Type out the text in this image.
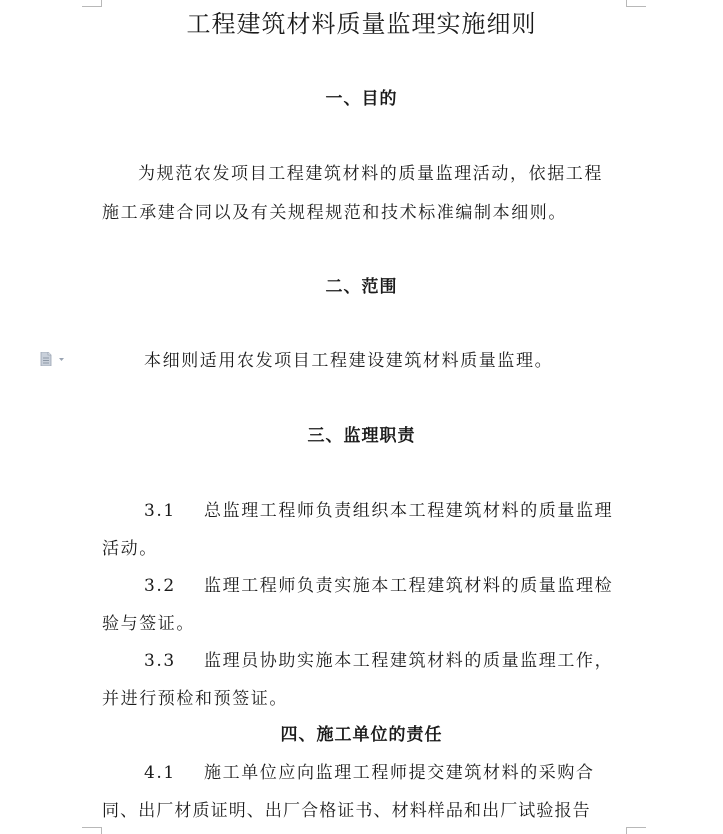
工程建筑材料质量监理实施细则
一、目的

为规范农发项目工程建筑材料的质量监理活动，依据工程

施工承建合同以及有关规程规范和技术标准编制本细则。

二、范围

本细则适用农发项目工程建设建筑材料质量监理。

三、监理职责

3.1 总监理工程师负责组织本工程建筑材料的质量监理

活动。

3.2 监理工程师负责实施本工程建筑材料的质量监理检

验与签证。

3.3 监理员协助实施本工程建筑材料的质量监理工作，

并进行预检和预签证。

四、施工单位的责任

4.1 施工单位应向监理工程师提交建筑材料的采购合

同、出厂材质证明、出厂合格证书、材料样品和出厂试验报告
